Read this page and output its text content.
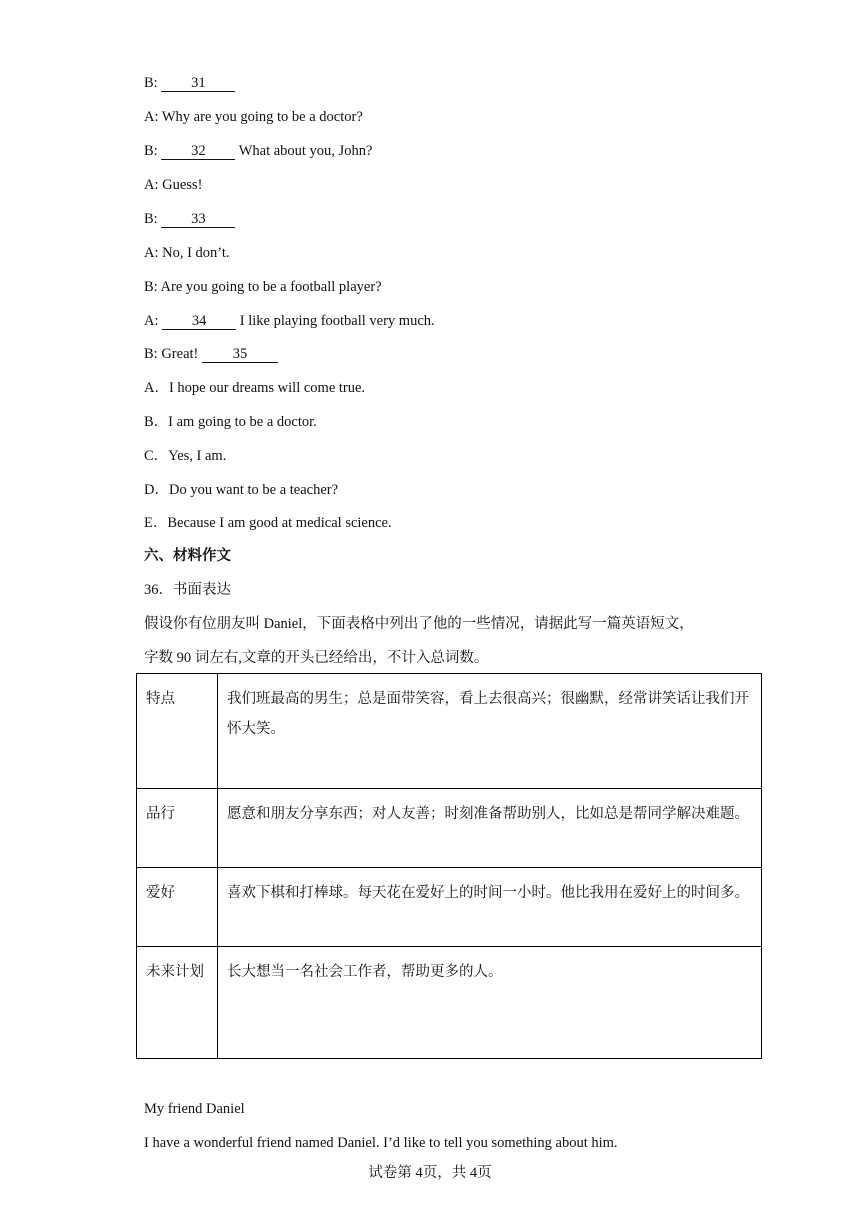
B: 31
A: Why are you going to be a doctor?
B: 32 What about you, John?
A: Guess!
B: 33
A: No, I don’t.
B: Are you going to be a football player?
A: 34 I like playing football very much.
B: Great! 35
A．I hope our dreams will come true.
B．I am going to be a doctor.
C．Yes, I am.
D．Do you want to be a teacher?
E．Because I am good at medical science.
六、材料作文
36．书面表达
假设你有位朋友叫 Daniel，下面表格中列出了他的一些情况，请据此写一篇英语短文，
字数 90 词左右,文章的开头已经给出，不计入总词数。
特点	我们班最高的男生；总是面带笑容，看上去很高兴；很幽默，经常讲笑话让我们开怀大笑。
品行	愿意和朋友分享东西；对人友善；时刻准备帮助别人，比如总是帮同学解决难题。
爱好	喜欢下棋和打棒球。每天花在爱好上的时间一小时。他比我用在爱好上的时间多。
未来计划	长大想当一名社会工作者，帮助更多的人。
My friend Daniel
I have a wonderful friend named Daniel. I’d like to tell you something about him.
试卷第 4页，共 4页
